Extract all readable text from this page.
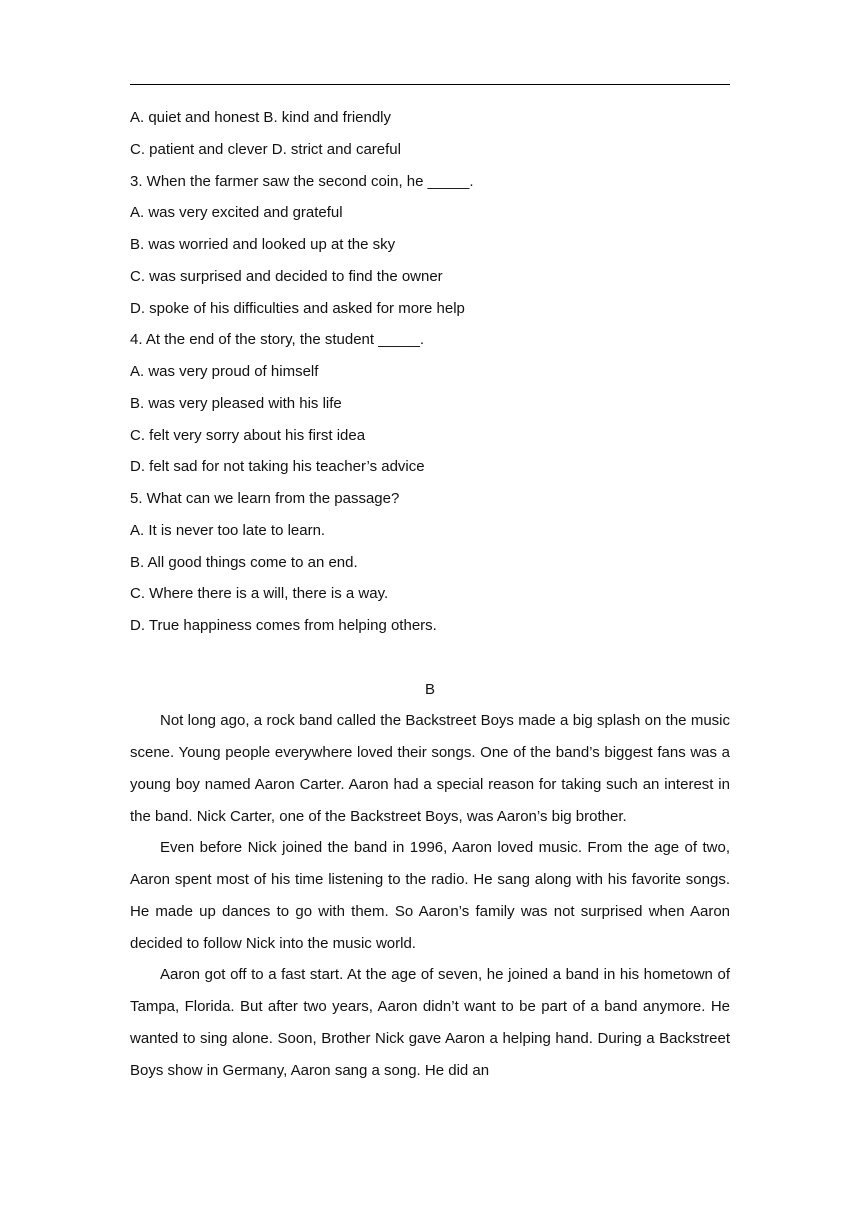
A. quiet and honest B. kind and friendly
C. patient and clever D. strict and careful
3. When the farmer saw the second coin, he _____.
A. was very excited and grateful
B. was worried and looked up at the sky
C. was surprised and decided to find the owner
D. spoke of his difficulties and asked for more help
4. At the end of the story, the student _____.
A. was very proud of himself
B. was very pleased with his life
C. felt very sorry about his first idea
D. felt sad for not taking his teacher’s advice
5. What can we learn from the passage?
A. It is never too late to learn.
B. All good things come to an end.
C. Where there is a will, there is a way.
D. True happiness comes from helping others.
B

Not long ago, a rock band called the Backstreet Boys made a big splash on the music scene. Young people everywhere loved their songs. One of the band’s biggest fans was a young boy named Aaron Carter. Aaron had a special reason for taking such an interest in the band. Nick Carter, one of the Backstreet Boys, was Aaron’s big brother.

Even before Nick joined the band in 1996, Aaron loved music. From the age of two, Aaron spent most of his time listening to the radio. He sang along with his favorite songs. He made up dances to go with them. So Aaron’s family was not surprised when Aaron decided to follow Nick into the music world.

Aaron got off to a fast start. At the age of seven, he joined a band in his hometown of Tampa, Florida. But after two years, Aaron didn’t want to be part of a band anymore. He wanted to sing alone. Soon, Brother Nick gave Aaron a helping hand. During a Backstreet Boys show in Germany, Aaron sang a song. He did an
